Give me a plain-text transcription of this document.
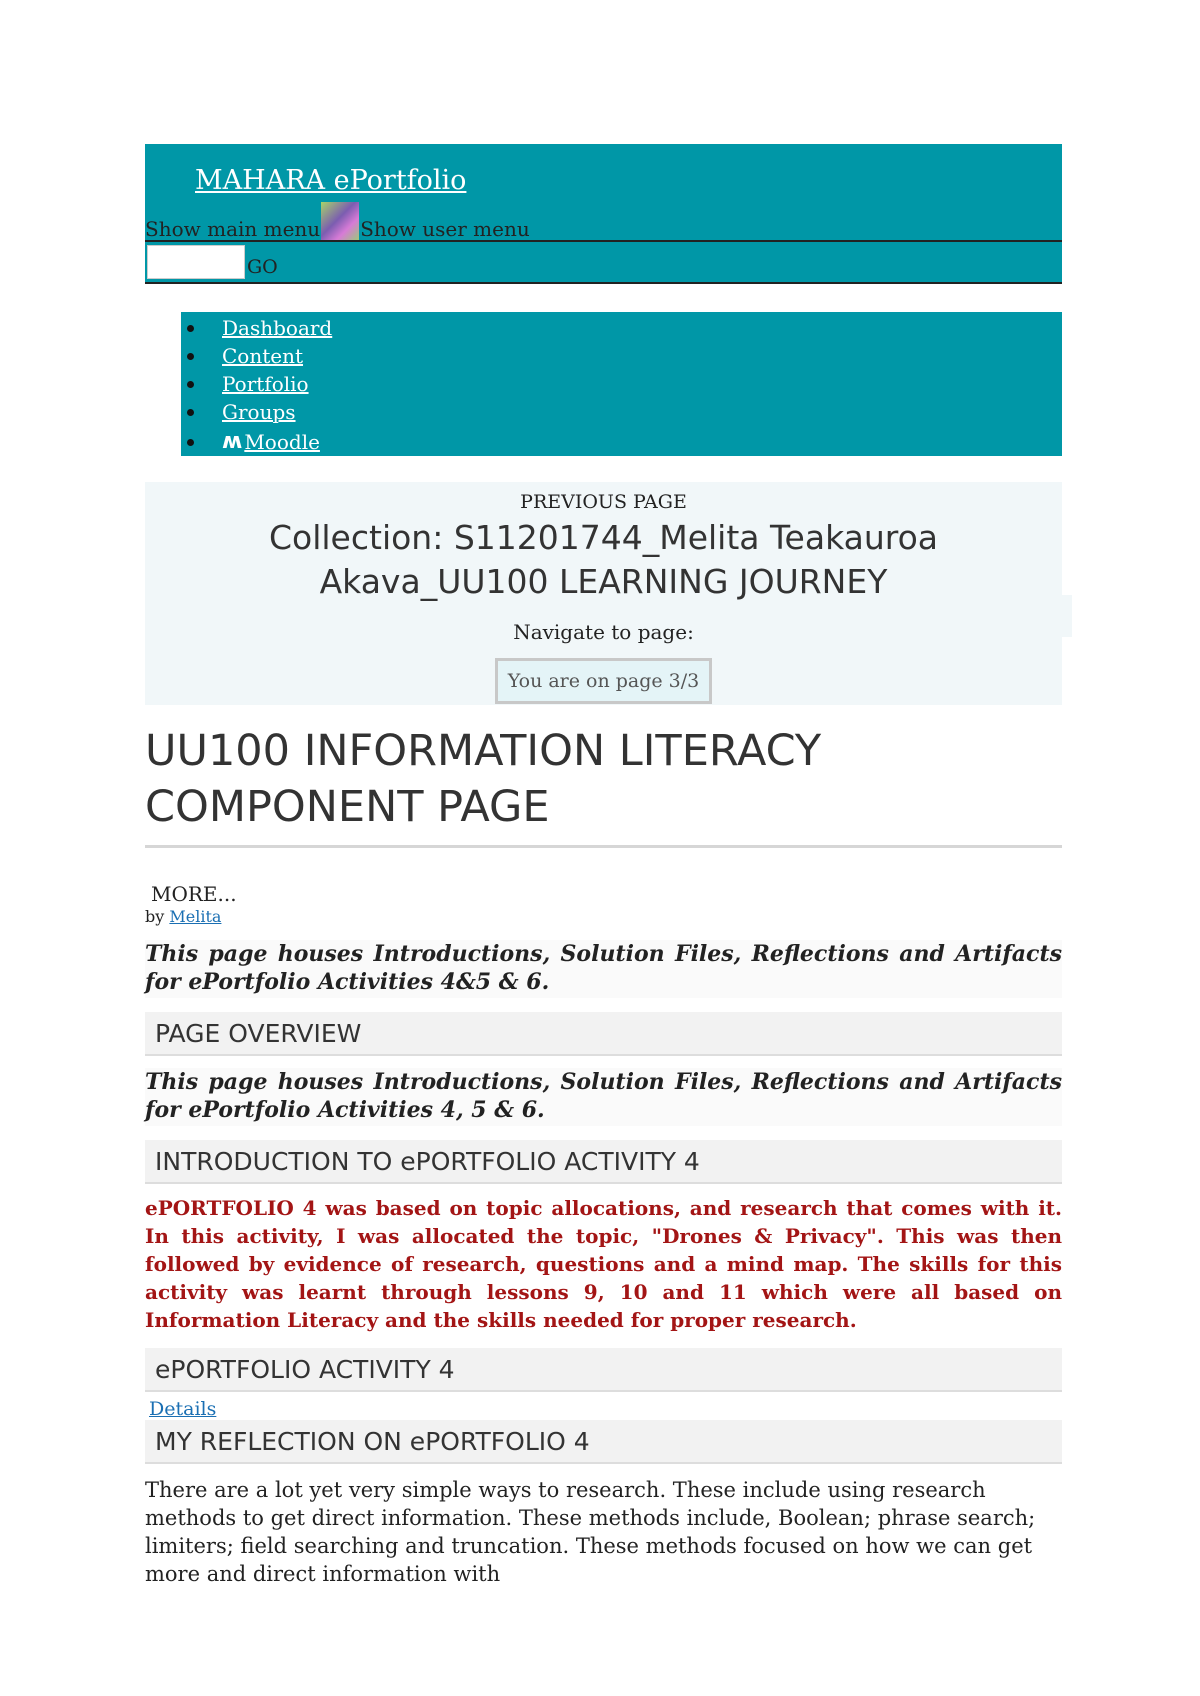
MAHARA ePortfolio
Show main menu Show user menu
GO
Dashboard
Content
Portfolio
Groups
ʍ Moodle
PREVIOUS PAGE
Collection: S11201744_Melita Teakauroa Akava_UU100 LEARNING JOURNEY
Navigate to page:
You are on page 3/3
UU100 INFORMATION LITERACY COMPONENT PAGE
MORE...
by Melita
This page houses Introductions, Solution Files, Reflections and Artifacts for ePortfolio Activities 4&5 & 6.
PAGE OVERVIEW
This page houses Introductions, Solution Files, Reflections and Artifacts for ePortfolio Activities 4, 5 & 6.
INTRODUCTION TO ePORTFOLIO ACTIVITY 4
ePORTFOLIO 4 was based on topic allocations, and research that comes with it. In this activity, I was allocated the topic, "Drones & Privacy". This was then followed by evidence of research, questions and a mind map. The skills for this activity was learnt through lessons 9, 10 and 11 which were all based on Information Literacy and the skills needed for proper research.
ePORTFOLIO ACTIVITY 4
Details
MY REFLECTION ON ePORTFOLIO 4
There are a lot yet very simple ways to research. These include using research methods to get direct information. These methods include, Boolean; phrase search; limiters; field searching and truncation. These methods focused on how we can get more and direct information with
